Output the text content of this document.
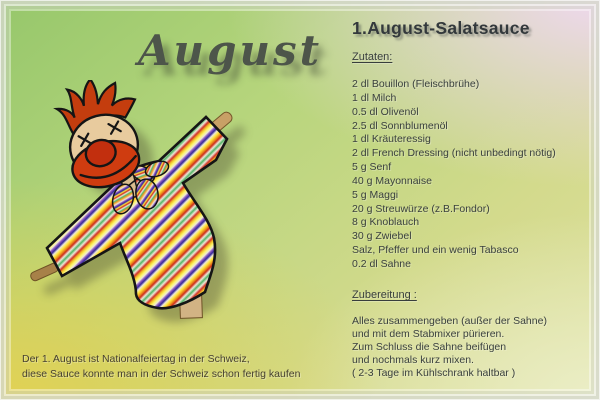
August	1.August-Salatsauce
Zutaten:
2 dl Bouillon (Fleischbrühe)
1 dl Milch
0.5 dl Olivenöl
2.5 dl Sonnblumenöl
1 dl Kräuteressig
2 dl French Dressing (nicht unbedingt nötig)
5 g Senf
40 g Mayonnaise
5 g Maggi
20 g Streuwürze (z.B.Fondor)
8 g Knoblauch
30 g Zwiebel
Salz, Pfeffer und ein wenig Tabasco
0.2 dl Sahne
Zubereitung :
Alles zusammengeben (außer der Sahne)
und mit dem Stabmixer pürieren.
Zum Schluss die Sahne beifügen
und nochmals kurz mixen.
( 2-3 Tage im Kühlschrank haltbar )
Der 1. August ist Nationalfeiertag in der Schweiz,
diese Sauce konnte man in der Schweiz schon fertig kaufen
